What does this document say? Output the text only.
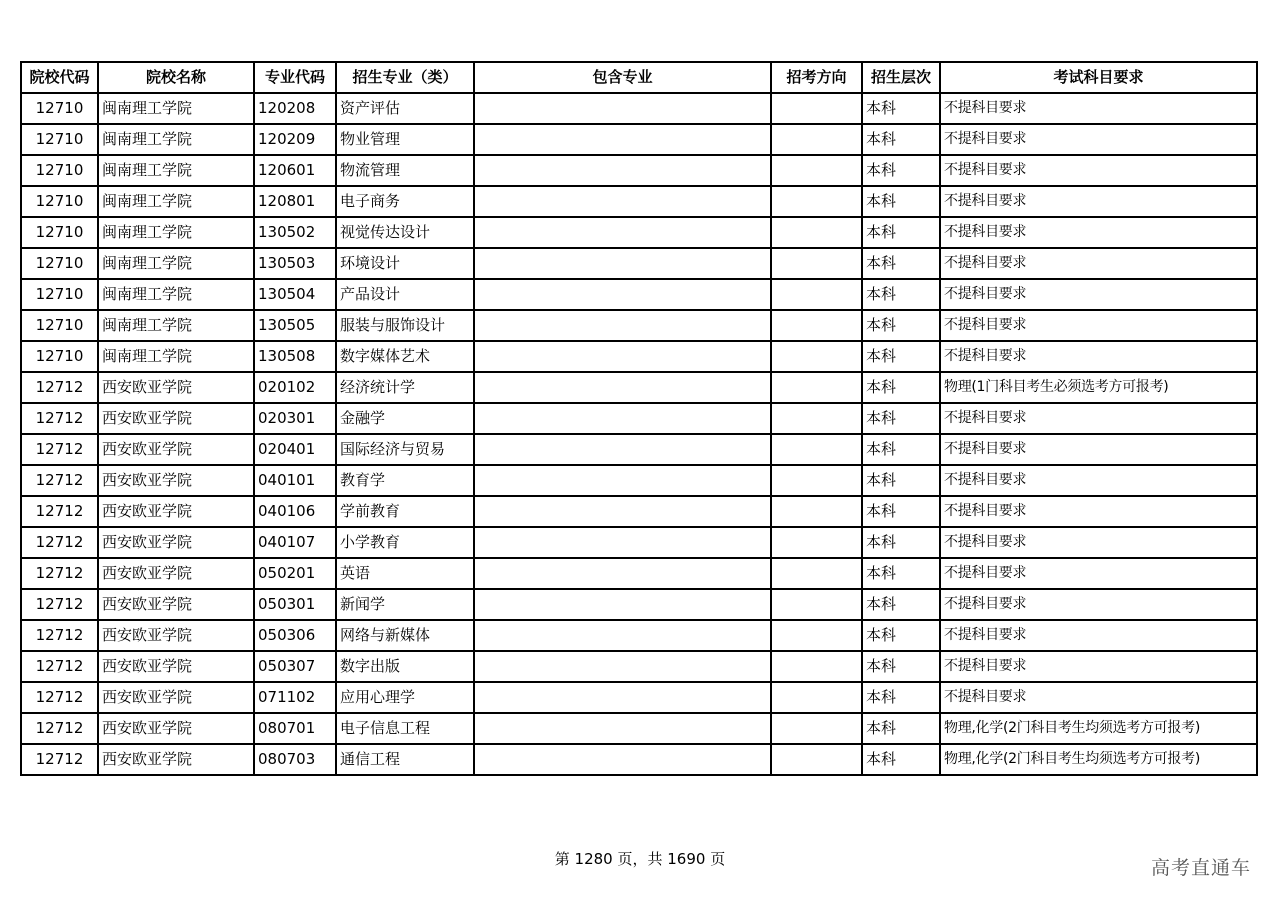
院校代码	院校名称	专业代码	招生专业（类）	包含专业	招考方向	招生层次	考试科目要求
12710	闽南理工学院	120208	资产评估			本科	不提科目要求
12710	闽南理工学院	120209	物业管理			本科	不提科目要求
12710	闽南理工学院	120601	物流管理			本科	不提科目要求
12710	闽南理工学院	120801	电子商务			本科	不提科目要求
12710	闽南理工学院	130502	视觉传达设计			本科	不提科目要求
12710	闽南理工学院	130503	环境设计			本科	不提科目要求
12710	闽南理工学院	130504	产品设计			本科	不提科目要求
12710	闽南理工学院	130505	服装与服饰设计			本科	不提科目要求
12710	闽南理工学院	130508	数字媒体艺术			本科	不提科目要求
12712	西安欧亚学院	020102	经济统计学			本科	物理(1门科目考生必须选考方可报考)
12712	西安欧亚学院	020301	金融学			本科	不提科目要求
12712	西安欧亚学院	020401	国际经济与贸易			本科	不提科目要求
12712	西安欧亚学院	040101	教育学			本科	不提科目要求
12712	西安欧亚学院	040106	学前教育			本科	不提科目要求
12712	西安欧亚学院	040107	小学教育			本科	不提科目要求
12712	西安欧亚学院	050201	英语			本科	不提科目要求
12712	西安欧亚学院	050301	新闻学			本科	不提科目要求
12712	西安欧亚学院	050306	网络与新媒体			本科	不提科目要求
12712	西安欧亚学院	050307	数字出版			本科	不提科目要求
12712	西安欧亚学院	071102	应用心理学			本科	不提科目要求
12712	西安欧亚学院	080701	电子信息工程			本科	物理,化学(2门科目考生均须选考方可报考)
12712	西安欧亚学院	080703	通信工程			本科	物理,化学(2门科目考生均须选考方可报考)
第 1280 页，共 1690 页	高考直通车
